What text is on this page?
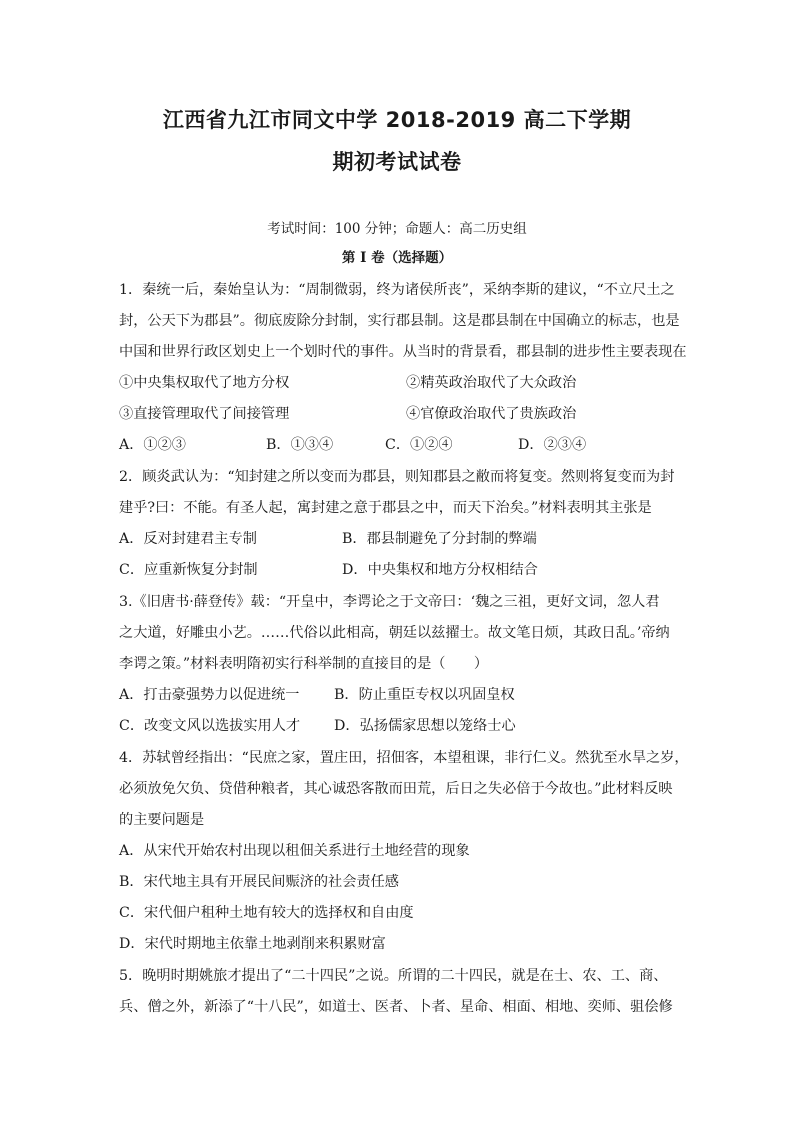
江西省九江市同文中学 2018-2019 高二下学期
期初考试试卷
考试时间：100 分钟；命题人：高二历史组
第 I 卷（选择题）
1．秦统一后，秦始皇认为：“周制微弱，终为诸侯所丧”，采纳李斯的建议，“不立尺土之
封，公天下为郡县”。彻底废除分封制，实行郡县制。这是郡县制在中国确立的标志，也是
中国和世界行政区划史上一个划时代的事件。从当时的背景看，郡县制的进步性主要表现在
①中央集权取代了地方分权	②精英政治取代了大众政治
③直接管理取代了间接管理	④官僚政治取代了贵族政治
A．①②③	B．①③④	C．①②④	D．②③④
2．顾炎武认为：“知封建之所以变而为郡县，则知郡县之敝而将复变。然则将复变而为封
建乎?曰：不能。有圣人起，寓封建之意于郡县之中，而天下治矣。”材料表明其主张是
A．反对封建君主专制	B．郡县制避免了分封制的弊端
C．应重新恢复分封制	D．中央集权和地方分权相结合
3.《旧唐书·薛登传》载：“开皇中，李谔论之于文帝曰：‘魏之三祖，更好文词，忽人君
之大道，好雕虫小艺。……代俗以此相高，朝廷以兹擢士。故文笔日烦，其政日乱。’帝纳
李谔之策。”材料表明隋初实行科举制的直接目的是（　　）
A．打击豪强势力以促进统一 B．防止重臣专权以巩固皇权
C．改变文风以选拔实用人才 D．弘扬儒家思想以笼络士心
4．苏轼曾经指出：“民庶之家，置庄田，招佃客，本望租课，非行仁义。然犹至水旱之岁，
必须放免欠负、贷借种粮者，其心诚恐客散而田荒，后日之失必倍于今故也。”此材料反映
的主要问题是
A．从宋代开始农村出现以租佃关系进行土地经营的现象
B．宋代地主具有开展民间赈济的社会责任感
C．宋代佃户租种土地有较大的选择权和自由度
D．宋代时期地主依靠土地剥削来积累财富
5．晚明时期姚旅才提出了“二十四民”之说。所谓的二十四民，就是在士、农、工、商、
兵、僧之外，新添了“十八民”，如道士、医者、卜者、星命、相面、相地、奕师、驵侩修
